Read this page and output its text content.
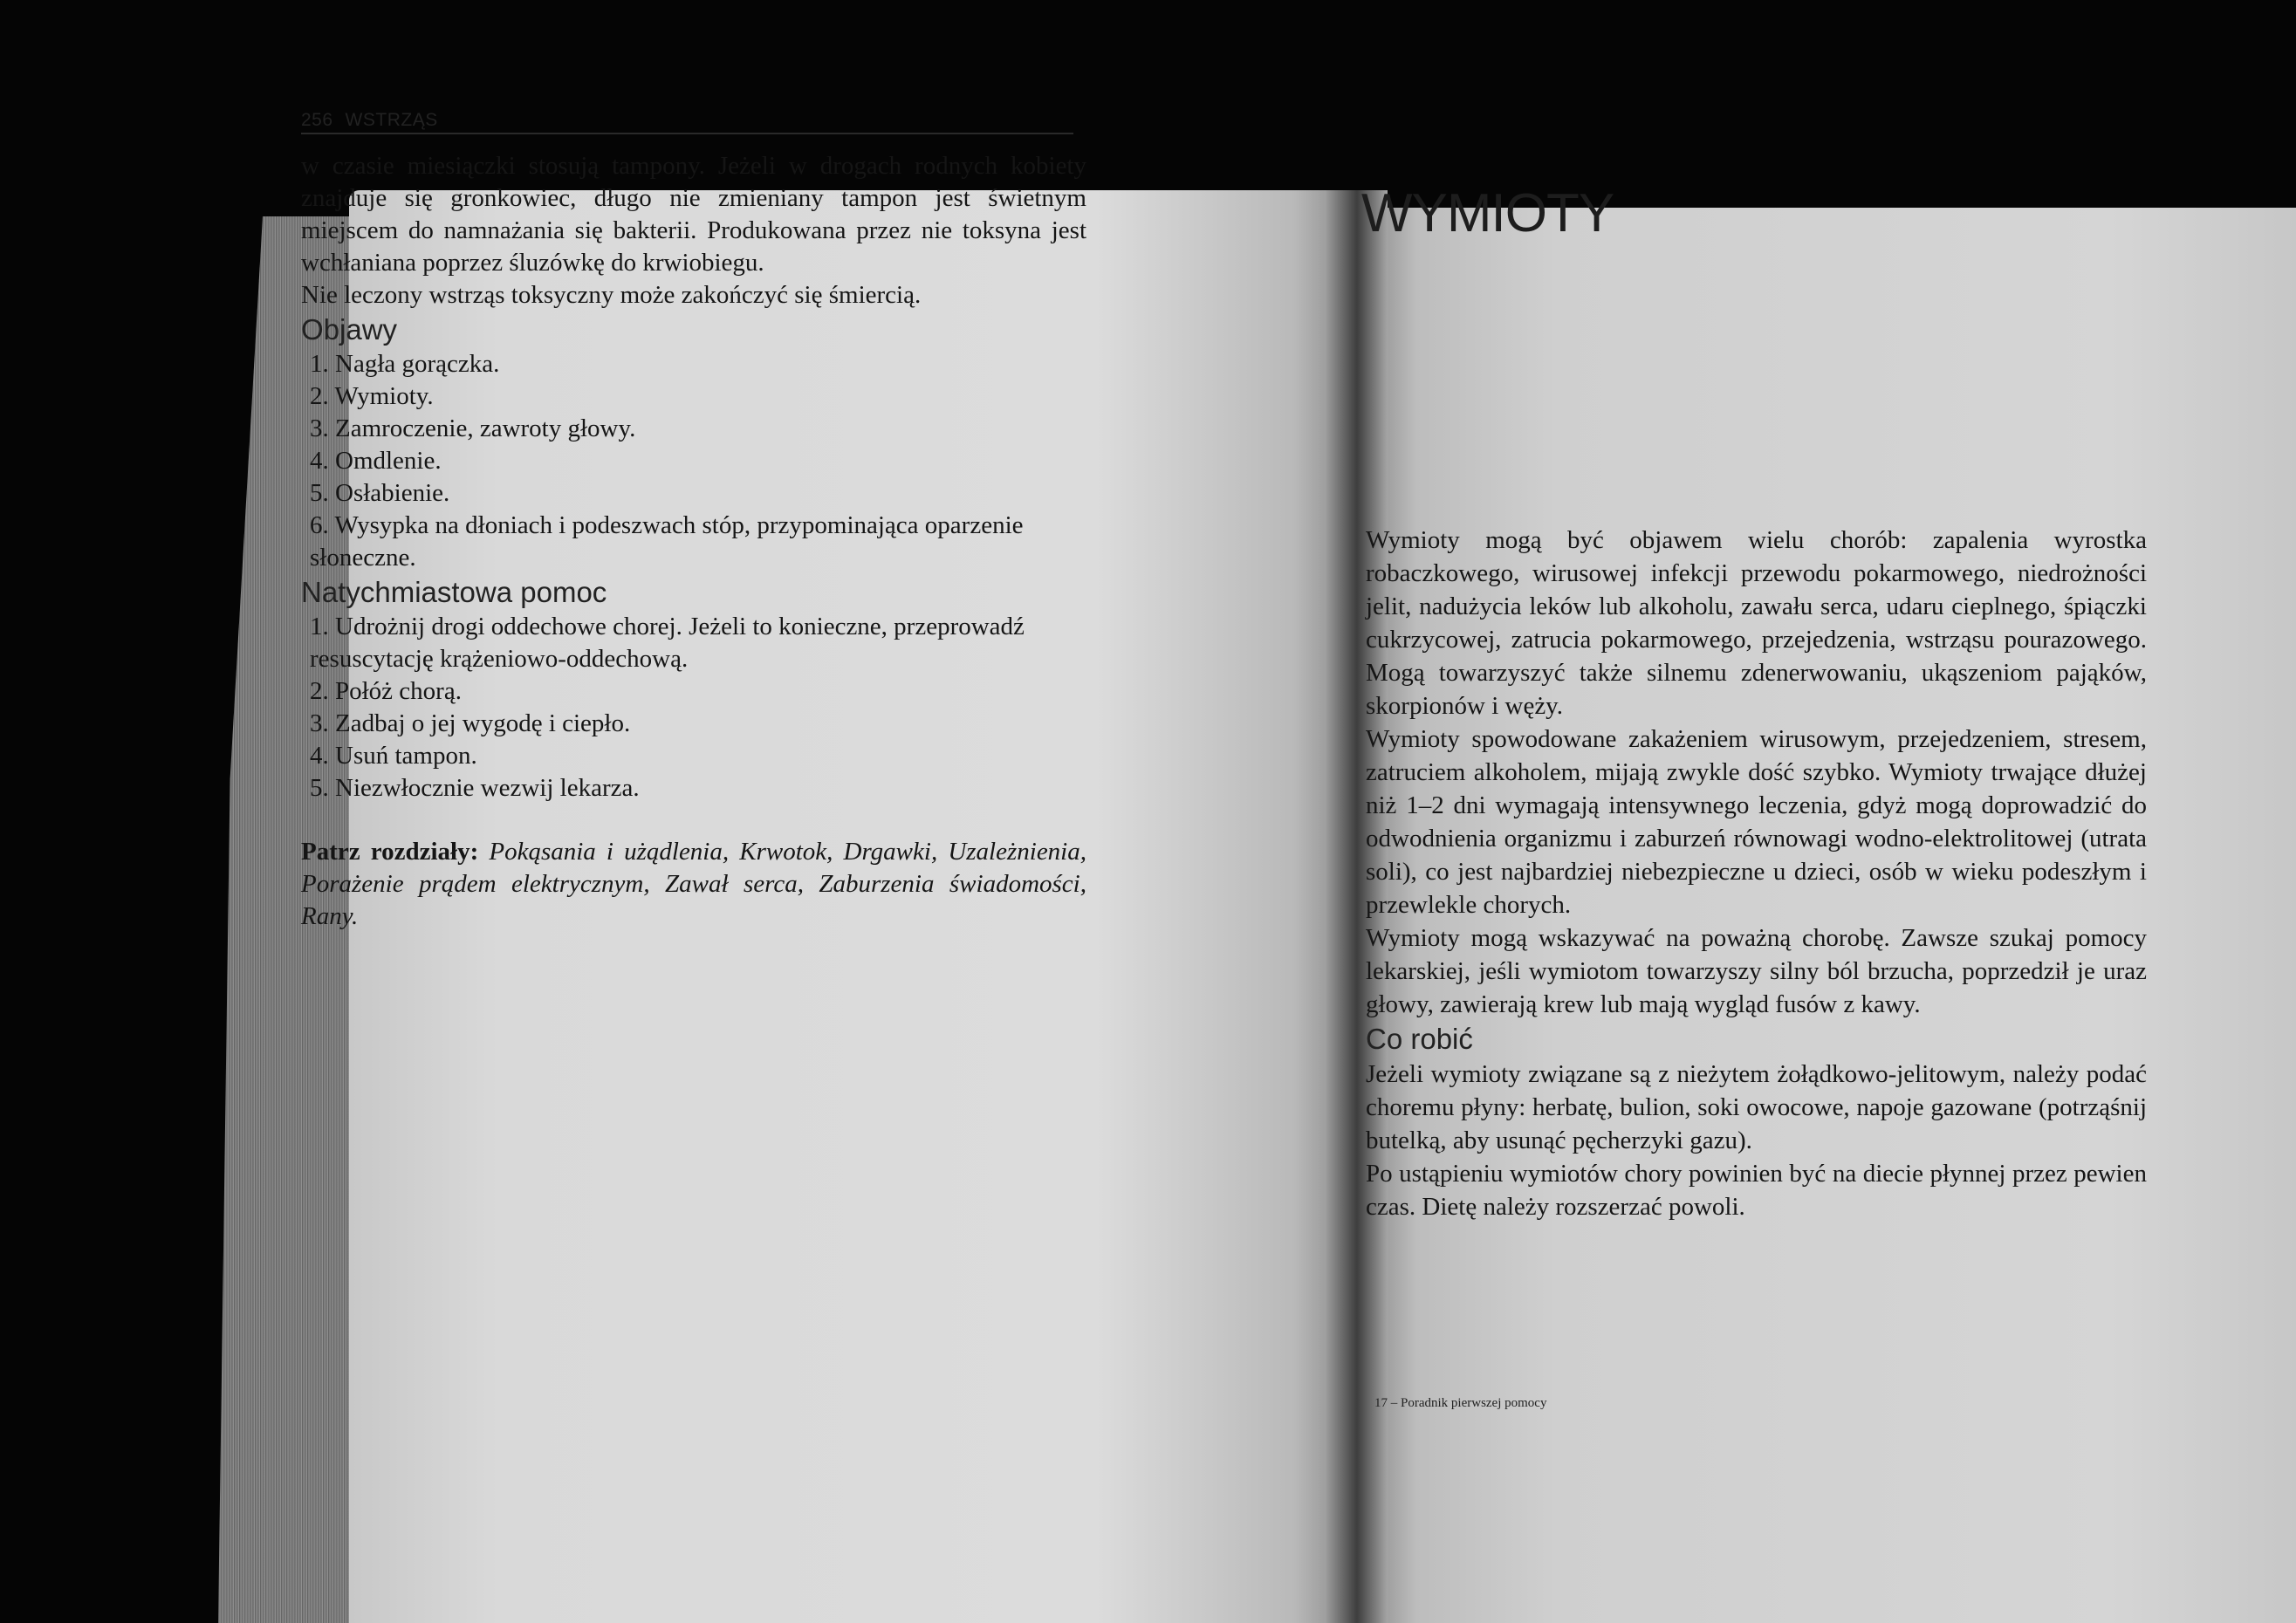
256 WSTRZĄS

w czasie miesiączki stosują tampony. Jeżeli w drogach rodnych kobiety znajduje się gronkowiec, długo nie zmieniany tampon jest świetnym miejscem do namnażania się bakterii. Produkowana przez nie toksyna jest wchłaniana poprzez śluzówkę do krwiobiegu.

Nie leczony wstrząs toksyczny może zakończyć się śmiercią.

Objawy
1. Nagła gorączka.
2. Wymioty.
3. Zamroczenie, zawroty głowy.
4. Omdlenie.
5. Osłabienie.
6. Wysypka na dłoniach i podeszwach stóp, przypominająca oparzenie słoneczne.
Natychmiastowa pomoc
1. Udrożnij drogi oddechowe chorej. Jeżeli to konieczne, przeprowadź resuscytację krążeniowo-oddechową.
2. Połóż chorą.
3. Zadbaj o jej wygodę i ciepło.
4. Usuń tampon.
5. Niezwłocznie wezwij lekarza.

Patrz rozdziały: Pokąsania i użądlenia, Krwotok, Drgawki, Uzależnienia, Porażenie prądem elektrycznym, Zawał serca, Zaburzenia świadomości, Rany.

WYMIOTY

Wymioty mogą być objawem wielu chorób: zapalenia wyrostka robaczkowego, wirusowej infekcji przewodu pokarmowego, niedrożności jelit, nadużycia leków lub alkoholu, zawału serca, udaru cieplnego, śpiączki cukrzycowej, zatrucia pokarmowego, przejedzenia, wstrząsu pourazowego. Mogą towarzyszyć także silnemu zdenerwowaniu, ukąszeniom pająków, skorpionów i węży.

Wymioty spowodowane zakażeniem wirusowym, przejedzeniem, stresem, zatruciem alkoholem, mijają zwykle dość szybko. Wymioty trwające dłużej niż 1–2 dni wymagają intensywnego leczenia, gdyż mogą doprowadzić do odwodnienia organizmu i zaburzeń równowagi wodno-elektrolitowej (utrata soli), co jest najbardziej niebezpieczne u dzieci, osób w wieku podeszłym i przewlekle chorych.

Wymioty mogą wskazywać na poważną chorobę. Zawsze szukaj pomocy lekarskiej, jeśli wymiotom towarzyszy silny ból brzucha, poprzedził je uraz głowy, zawierają krew lub mają wygląd fusów z kawy.

Co robić

Jeżeli wymioty związane są z nieżytem żołądkowo-jelitowym, należy podać choremu płyny: herbatę, bulion, soki owocowe, napoje gazowane (potrząśnij butelką, aby usunąć pęcherzyki gazu).

Po ustąpieniu wymiotów chory powinien być na diecie płynnej przez pewien czas. Dietę należy rozszerzać powoli.

17 – Poradnik pierwszej pomocy
